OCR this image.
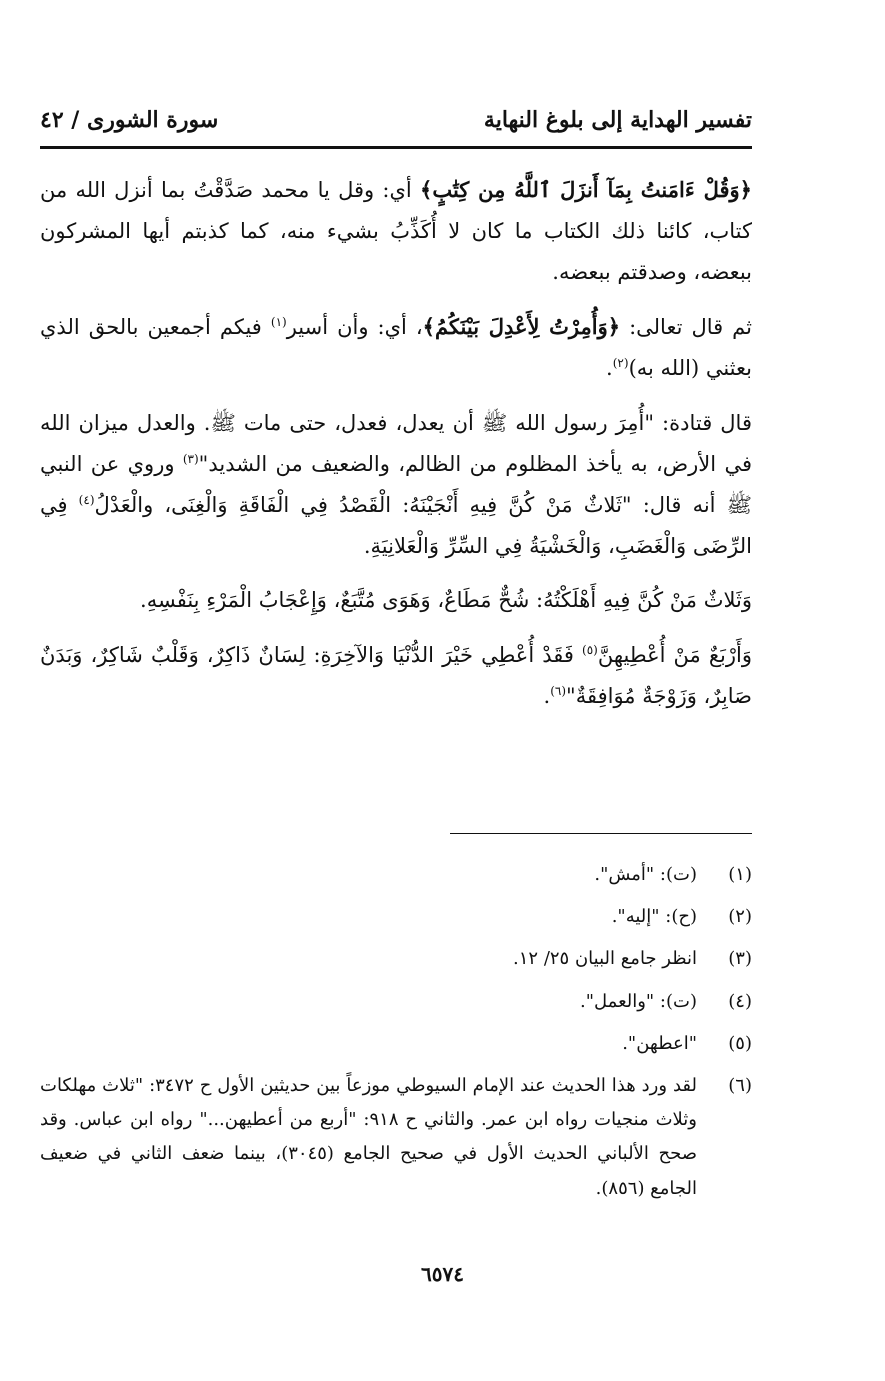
تفسير الهداية إلى بلوغ النهاية
سورة الشورى / ٤٢

﴿وَقُلْ ءَامَنتُ بِمَآ أَنزَلَ ٱللَّهُ مِن كِتَٰبٍ﴾ أي: وقل يا محمد صَدَّقْتُ بما أنزل الله من كتاب، كائنا ذلك الكتاب ما كان لا أُكَذِّبُ بشيء منه، كما كذبتم أيها المشركون ببعضه، وصدقتم ببعضه.

ثم قال تعالى: ﴿وَأُمِرْتُ لِأَعْدِلَ بَيْنَكُمُ﴾، أي: وأن أسير$^{(١)}$ فيكم أجمعين بالحق الذي بعثني (الله به)$^{(٢)}$.

قال قتادة: "أُمِرَ رسول الله ﷺ أن يعدل، فعدل، حتى مات ﷺ. والعدل ميزان الله في الأرض، به يأخذ المظلوم من الظالم، والضعيف من الشديد"$^{(٣)}$ وروي عن النبي ﷺ أنه قال: "ثَلاثٌ مَنْ كُنَّ فِيهِ أَنْجَيْنَهُ: الْقَصْدُ فِي الْفَاقَةِ وَالْغِنَى، والْعَدْلُ$^{(٤)}$ فِي الرِّضَى وَالْغَضَبِ، وَالْخَشْيَةُ فِي السِّرِّ وَالْعَلانِيَةِ.

وَثَلاثٌ مَنْ كُنَّ فِيهِ أَهْلَكْتُهُ: شُحٌّ مَطَاعٌ، وَهَوَى مُتَّبَعٌ، وَإِعْجَابُ الْمَرْءِ بِنَفْسِهِ.

وَأَرْبَعٌ مَنْ أُعْطِيهِنَّ$^{(٥)}$ فَقَدْ أُعْطِي خَيْرَ الدُّنْيَا وَالآخِرَةِ: لِسَانٌ ذَاكِرٌ، وَقَلْبٌ شَاكِرٌ، وَبَدَنٌ صَابِرٌ، وَزَوْجَةٌ مُوَافِقَةٌ"$^{(٦)}$.

(١)
(ت): "أمش".
(٢)
(ح): "إليه".
(٣)
انظر جامع البيان ٢٥/ ١٢.
(٤)
(ت): "والعمل".
(٥)
"اعطهن".
(٦)
لقد ورد هذا الحديث عند الإمام السيوطي موزعاً بين حديثين الأول ح ٣٤٧٢: "ثلاث مهلكات وثلاث منجيات رواه ابن عمر. والثاني ح ٩١٨: "أربع من أعطيهن..." رواه ابن عباس. وقد صحح الألباني الحديث الأول في صحيح الجامع (٣٠٤٥)، بينما ضعف الثاني في ضعيف الجامع (٨٥٦).
٦٥٧٤
